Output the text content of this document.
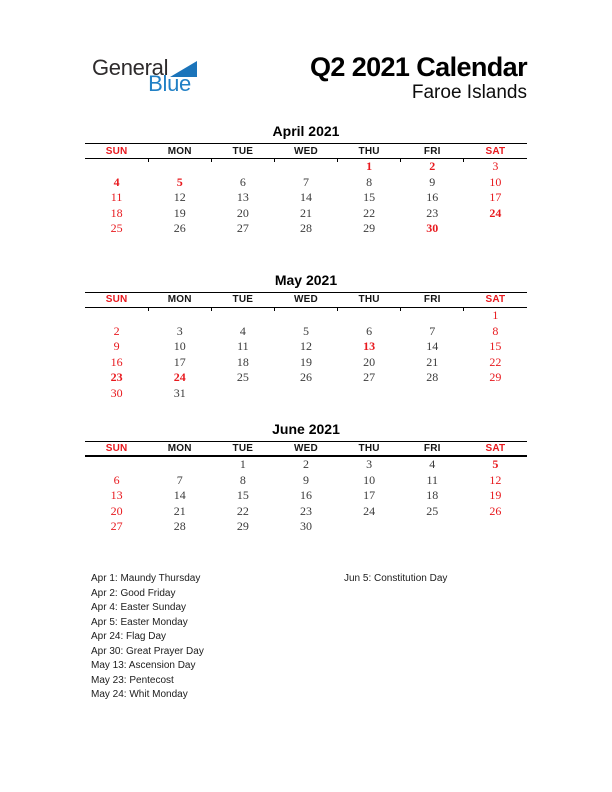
General
Blue
Q2 2021 Calendar
Faroe Islands
April 2021
SUN	MON	TUE	WED	THU	FRI	SAT
				1	2	3
4	5	6	7	8	9	10
11	12	13	14	15	16	17
18	19	20	21	22	23	24
25	26	27	28	29	30	
May 2021
SUN	MON	TUE	WED	THU	FRI	SAT
						1
2	3	4	5	6	7	8
9	10	11	12	13	14	15
16	17	18	19	20	21	22
23	24	25	26	27	28	29
30	31					
June 2021
SUN	MON	TUE	WED	THU	FRI	SAT
		1	2	3	4	5
6	7	8	9	10	11	12
13	14	15	16	17	18	19
20	21	22	23	24	25	26
27	28	29	30			
Apr 1: Maundy Thursday
Apr 2: Good Friday
Apr 4: Easter Sunday
Apr 5: Easter Monday
Apr 24: Flag Day
Apr 30: Great Prayer Day
May 13: Ascension Day
May 23: Pentecost
May 24: Whit Monday
Jun 5: Constitution Day
